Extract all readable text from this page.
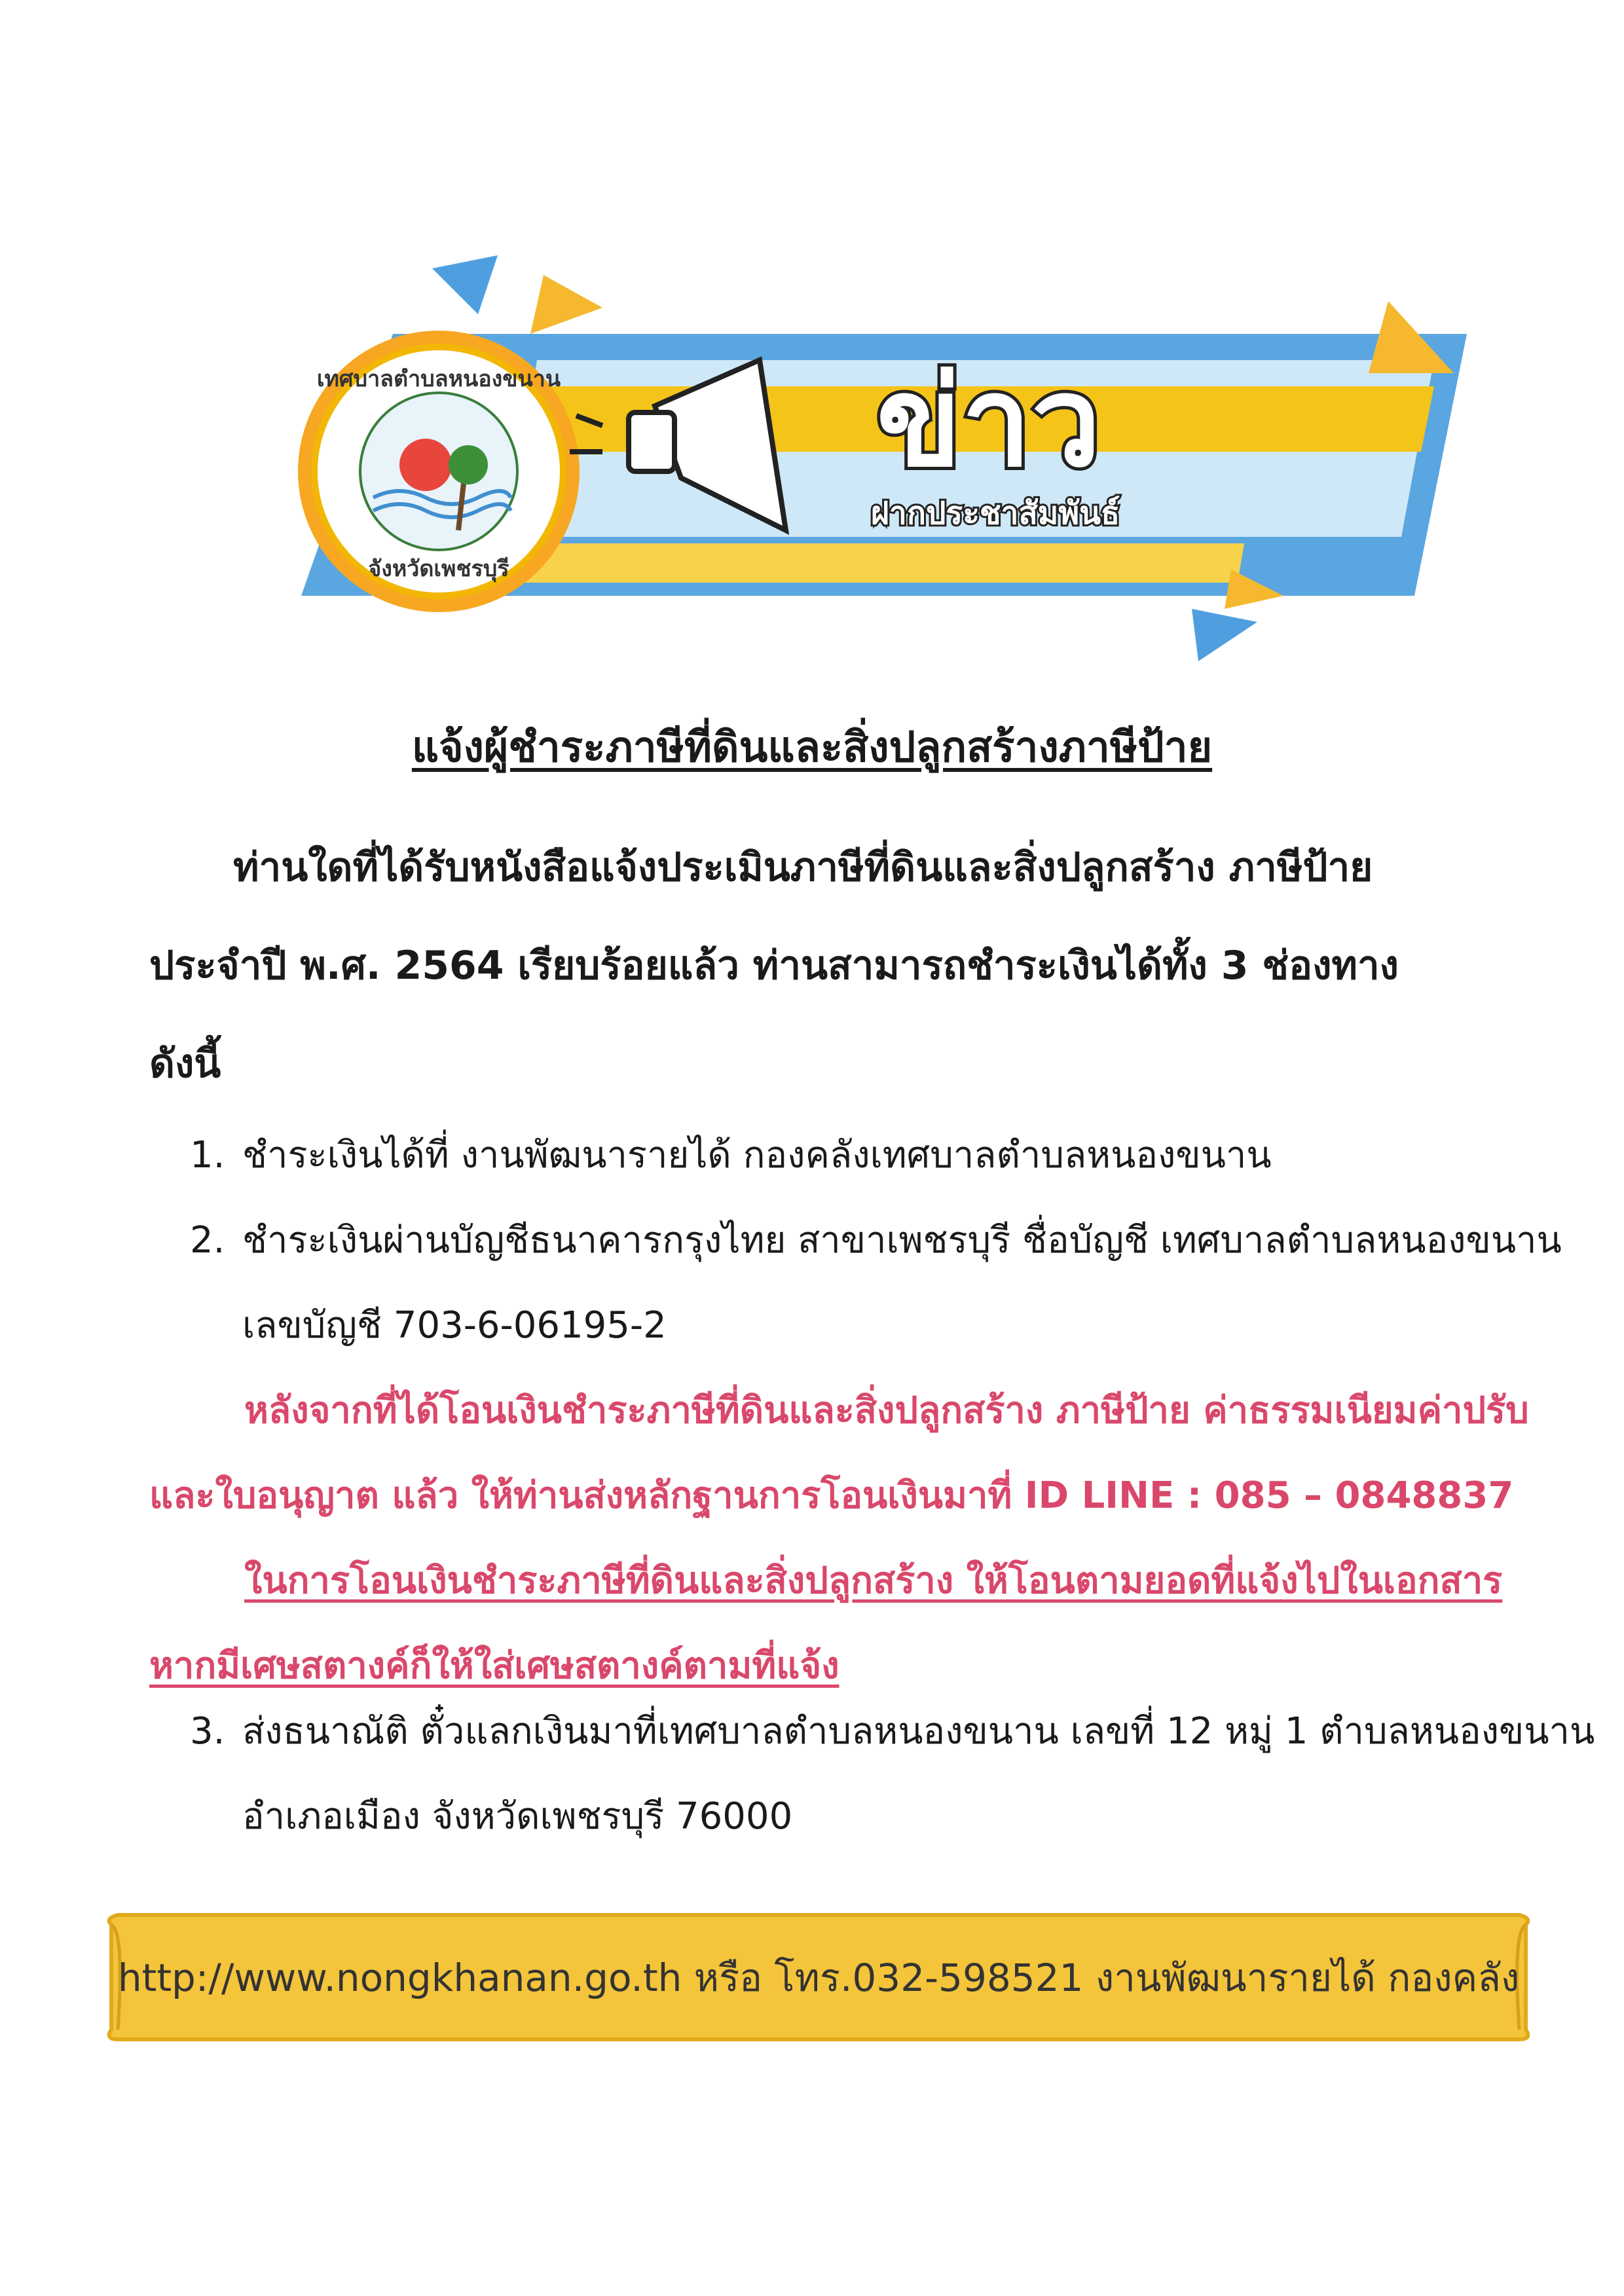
เทศบาลตำบลหนองขนาน
จังหวัดเพชรบุรี
ข่าว
ฝากประชาสัมพันธ์
แจ้งผู้ชำระภาษีที่ดินและสิ่งปลูกสร้างภาษีป้าย
ท่านใดที่ได้รับหนังสือแจ้งประเมินภาษีที่ดินและสิ่งปลูกสร้าง ภาษีป้าย
ประจำปี พ.ศ. 2564 เรียบร้อยแล้ว ท่านสามารถชำระเงินได้ทั้ง 3 ช่องทาง
ดังนี้
1. ชำระเงินได้ที่ งานพัฒนารายได้ กองคลังเทศบาลตำบลหนองขนาน
2. ชำระเงินผ่านบัญชีธนาคารกรุงไทย สาขาเพชรบุรี ชื่อบัญชี เทศบาลตำบลหนองขนาน
เลขบัญชี 703-6-06195-2
หลังจากที่ได้โอนเงินชำระภาษีที่ดินและสิ่งปลูกสร้าง ภาษีป้าย ค่าธรรมเนียมค่าปรับ
และใบอนุญาต แล้ว ให้ท่านส่งหลักฐานการโอนเงินมาที่ ID LINE : 085 – 0848837
ในการโอนเงินชำระภาษีที่ดินและสิ่งปลูกสร้าง ให้โอนตามยอดที่แจ้งไปในเอกสาร
หากมีเศษสตางค์ก็ให้ใส่เศษสตางค์ตามที่แจ้ง
3. ส่งธนาณัติ ตั๋วแลกเงินมาที่เทศบาลตำบลหนองขนาน เลขที่ 12 หมู่ 1 ตำบลหนองขนาน
อำเภอเมือง จังหวัดเพชรบุรี 76000
http://www.nongkhanan.go.th หรือ โทร.032-598521 งานพัฒนารายได้ กองคลัง
